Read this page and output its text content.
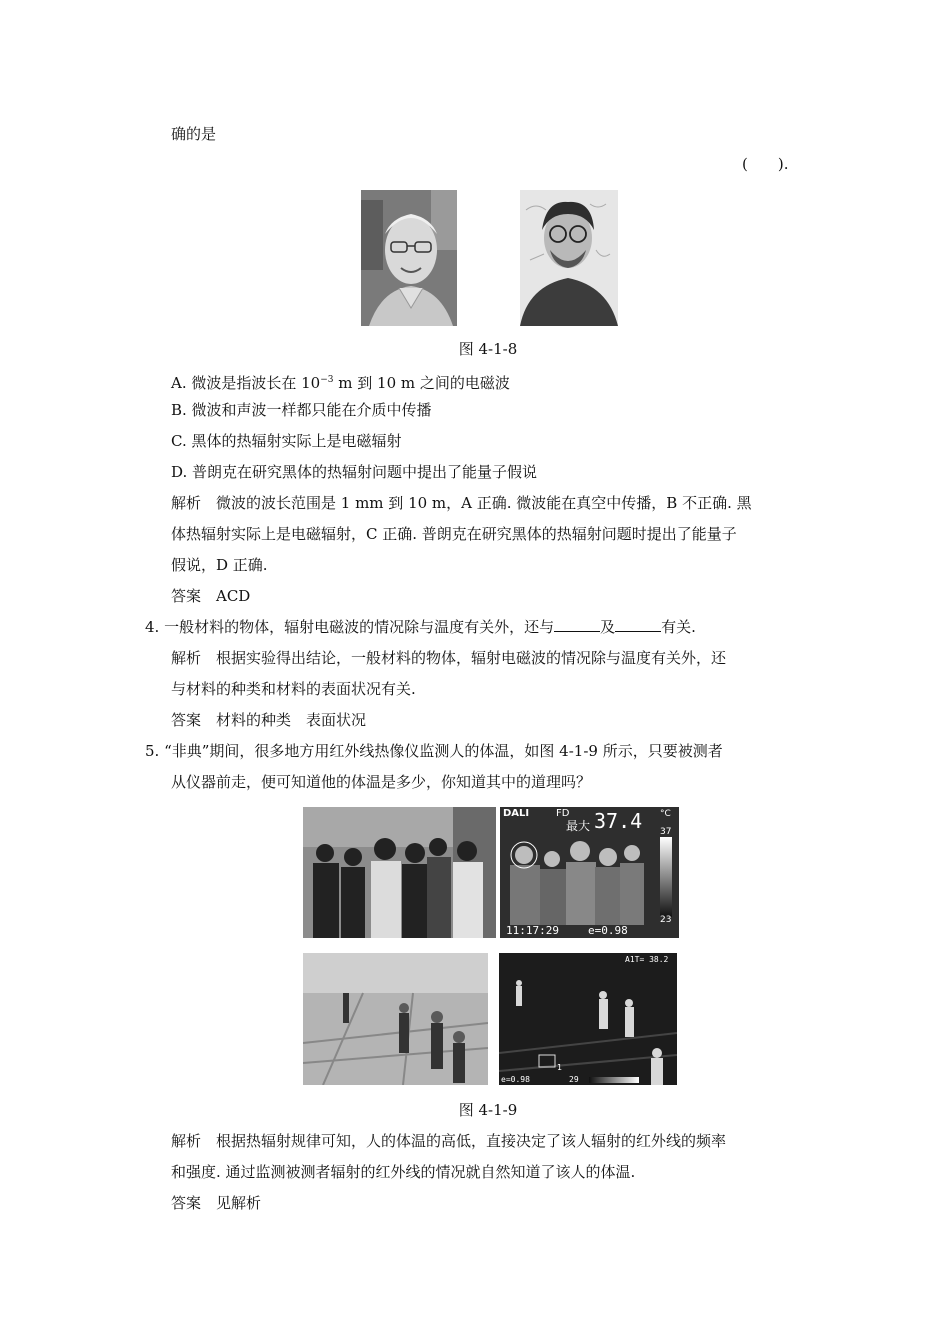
确的是
(　　).
图 4-1-8
A. 微波是指波长在 $10^{-3}$ m 到 10 m 之间的电磁波
B. 微波和声波一样都只能在介质中传播
C. 黑体的热辐射实际上是电磁辐射
D. 普朗克在研究黑体的热辐射问题中提出了能量子假说
解析　微波的波长范围是 1 mm 到 10 m，A 正确. 微波能在真空中传播，B 不正确. 黑
体热辐射实际上是电磁辐射，C 正确. 普朗克在研究黑体的热辐射问题时提出了能量子
假说，D 正确.
答案　ACD
4. 一般材料的物体，辐射电磁波的情况除与温度有关外，还与	及	有关.
解析　根据实验得出结论，一般材料的物体，辐射电磁波的情况除与温度有关外，还
与材料的种类和材料的表面状况有关.
答案　材料的种类　表面状况
5. “非典”期间，很多地方用红外线热像仪监测人的体温，如图 4-1-9 所示，只要被测者
从仪器前走，便可知道他的体温是多少，你知道其中的道理吗？
DALI	FD
最大 37.4 °C
37
23
11:17:29	e=0.98
A1T= 38.2
1
e=0.98	29
图 4-1-9
解析　根据热辐射规律可知，人的体温的高低，直接决定了该人辐射的红外线的频率
和强度. 通过监测被测者辐射的红外线的情况就自然知道了该人的体温.
答案　见解析
